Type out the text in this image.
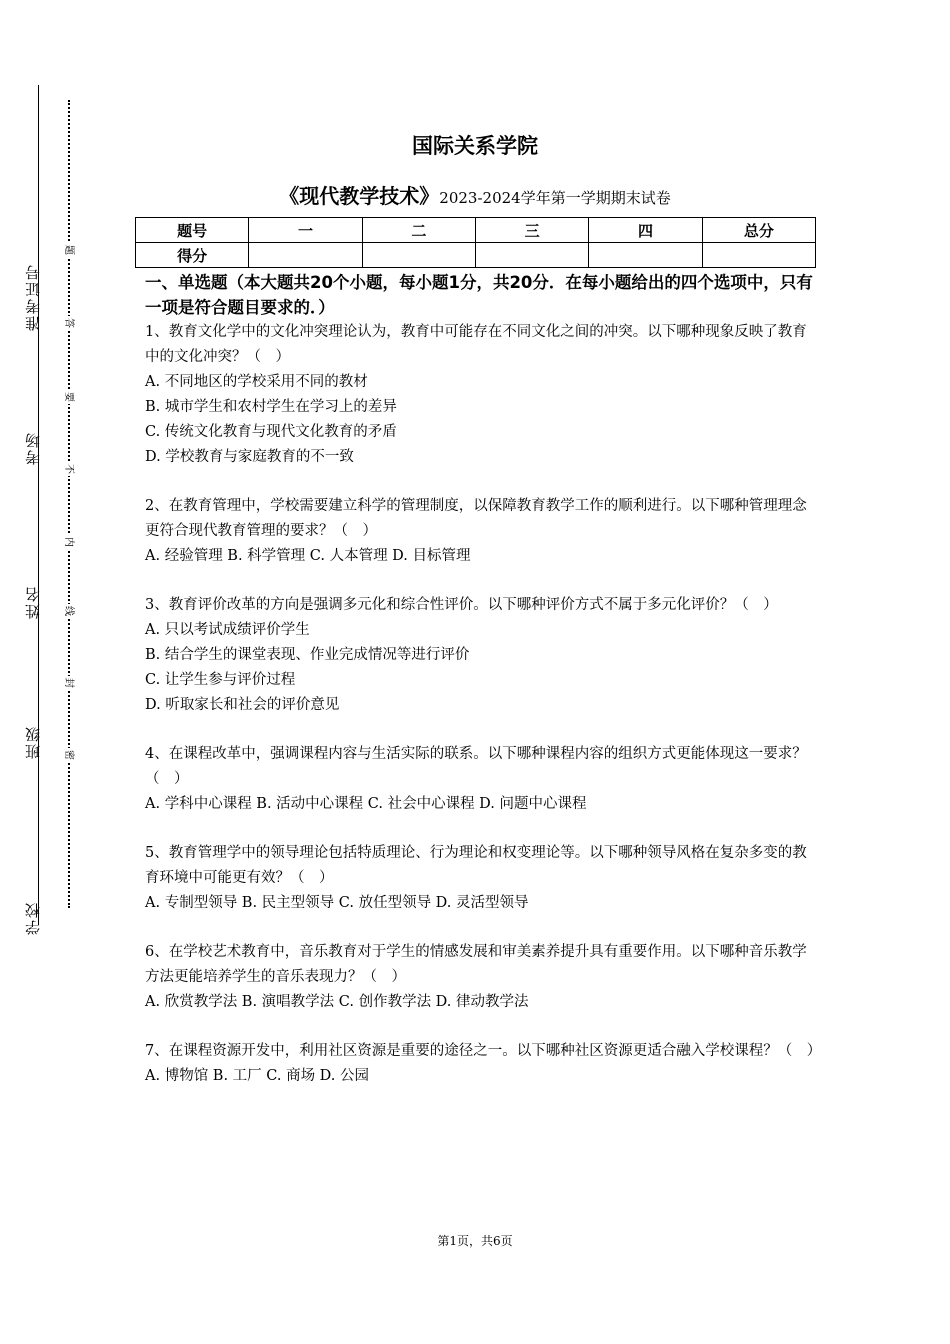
准考证号
考场
姓名
班级
学校
题
答
要
不
内
线
封
密
国际关系学院
《现代教学技术》2023-2024学年第一学期期末试卷
题号	一	二	三	四	总分
得分					
一、单选题（本大题共20个小题，每小题1分，共20分．在每小题给出的四个选项中，只有一项是符合题目要求的．）
1、教育文化学中的文化冲突理论认为，教育中可能存在不同文化之间的冲突。以下哪种现象反映了教育中的文化冲突？（　）
A. 不同地区的学校采用不同的教材
B. 城市学生和农村学生在学习上的差异
C. 传统文化教育与现代文化教育的矛盾
D. 学校教育与家庭教育的不一致
2、在教育管理中，学校需要建立科学的管理制度，以保障教育教学工作的顺利进行。以下哪种管理理念更符合现代教育管理的要求？（　）
A. 经验管理 B. 科学管理 C. 人本管理 D. 目标管理
3、教育评价改革的方向是强调多元化和综合性评价。以下哪种评价方式不属于多元化评价？（　）
A. 只以考试成绩评价学生
B. 结合学生的课堂表现、作业完成情况等进行评价
C. 让学生参与评价过程
D. 听取家长和社会的评价意见
4、在课程改革中，强调课程内容与生活实际的联系。以下哪种课程内容的组织方式更能体现这一要求？（　）
A. 学科中心课程 B. 活动中心课程 C. 社会中心课程 D. 问题中心课程
5、教育管理学中的领导理论包括特质理论、行为理论和权变理论等。以下哪种领导风格在复杂多变的教育环境中可能更有效？（　）
A. 专制型领导 B. 民主型领导 C. 放任型领导 D. 灵活型领导
6、在学校艺术教育中，音乐教育对于学生的情感发展和审美素养提升具有重要作用。以下哪种音乐教学方法更能培养学生的音乐表现力？（　）
A. 欣赏教学法 B. 演唱教学法 C. 创作教学法 D. 律动教学法
7、在课程资源开发中，利用社区资源是重要的途径之一。以下哪种社区资源更适合融入学校课程？（　）
A. 博物馆 B. 工厂 C. 商场 D. 公园
第1页，共6页
